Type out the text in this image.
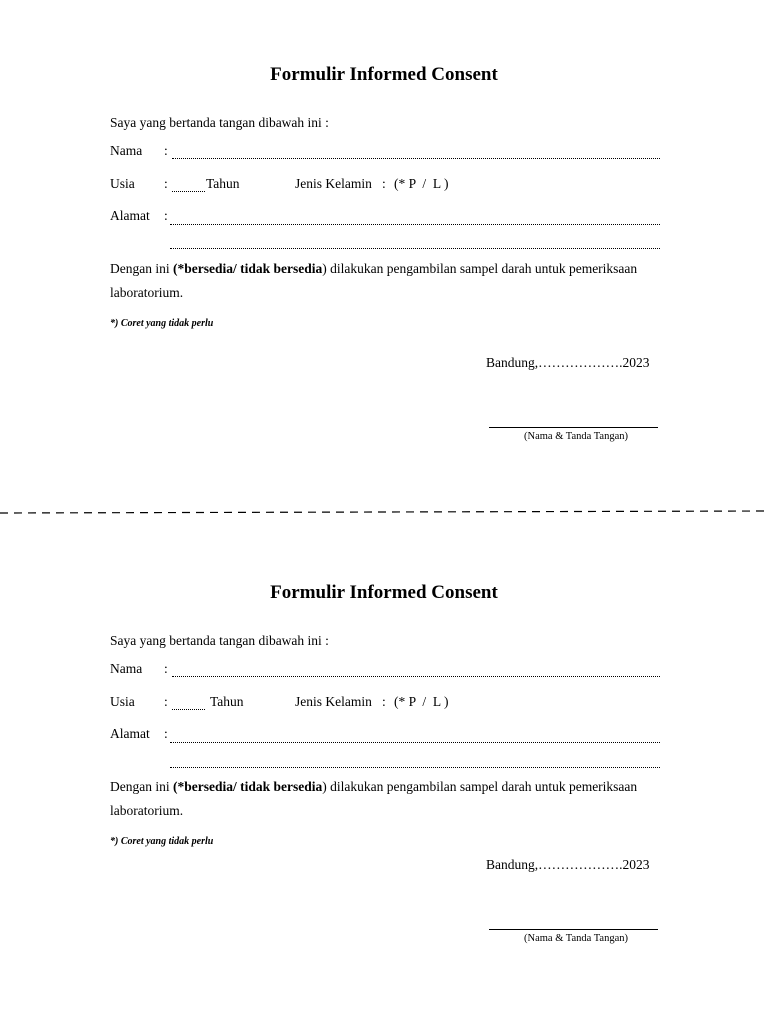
Formulir Informed Consent
Saya yang bertanda tangan dibawah ini :
Nama :
Usia :	Tahun	Jenis Kelamin : (* P  /  L )
Alamat :
Dengan ini (*bersedia/ tidak bersedia) dilakukan pengambilan sampel darah untuk pemeriksaan
laboratorium.
*) Coret yang tidak perlu
Bandung,……………….2023
(Nama & Tanda Tangan)
Formulir Informed Consent
Saya yang bertanda tangan dibawah ini :
Nama :
Usia :	Tahun	Jenis Kelamin : (* P  /  L )
Alamat :
Dengan ini (*bersedia/ tidak bersedia) dilakukan pengambilan sampel darah untuk pemeriksaan
laboratorium.
*) Coret yang tidak perlu
Bandung,……………….2023
(Nama & Tanda Tangan)
